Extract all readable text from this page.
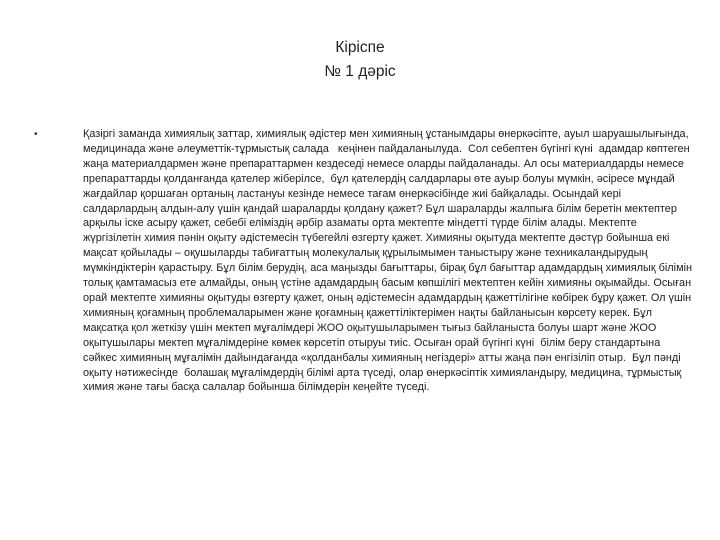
Кіріспе
№ 1 дәріс
•	Қазіргі заманда химиялық заттар, химиялық әдістер мен химияның ұстанымдары өнеркәсіпте, ауыл шаруашылығында, медицинада және әлеуметтік-тұрмыстық салада   кеңінен пайдаланылуда.  Сол себептен бүгінгі күні  адамдар көптеген жаңа материалдармен және препараттармен кездеседі немесе оларды пайдаланады. Ал осы материалдарды немесе препараттарды қолданғанда қателер жіберілсе,  бұл қателердің салдарлары өте ауыр болуы мүмкін, әсіресе мұндай жағдайлар қоршаған ортаның ластануы кезінде немесе тағам өнеркәсібінде жиі байқалады. Осындай кері салдарлардың алдын-алу үшін қандай шараларды қолдану қажет? Бұл шараларды жалпыға білім беретін мектептер арқылы іске асыру қажет, себебі еліміздің әрбір азаматы орта мектепте міндетті түрде білім алады. Мектепте жүргізілетін химия пәнін оқыту әдістемесін түбегейлі өзгерту қажет. Химияны оқытуда мектепте дәстүр бойынша екі мақсат қойылады – оқушыларды табиғаттың молекулалық құрылымымен таныстыру және техникаландырудың мүмкіндіктерін қарастыру. Бұл білім берудің, аса маңызды бағыттары, бірақ бұл бағыттар адамдардың химиялық білімін толық қамтамасыз ете алмайды, оның үстіне адамдардың басым көпшілігі мектептен кейін химияны оқымайды. Осыған орай мектепте химияны оқытуды өзгерту қажет, оның әдістемесін адамдардың қажеттілігіне көбірек бұру қажет. Ол үшін химияның қоғамның проблемаларымен және қоғамның қажеттіліктерімен нақты байланысын көрсету керек. Бұл мақсатқа қол жеткізу үшін мектеп мұғалімдері ЖОО оқытушыларымен тығыз байланыста болуы шарт және ЖОО оқытушылары мектеп мұғалімдеріне көмек көрсетіп отыруы тиіс. Осыған орай бүгінгі күні  білім беру стандартына сәйкес химияның мұғалімін дайындағанда «қолданбалы химияның негіздері» атты жаңа пән енгізіліп отыр.  Бұл пәнді оқыту нәтижесінде  болашақ мұғалімдердің білімі арта түседі, олар өнеркәсіптік химияландыру, медицина, тұрмыстық химия және тағы басқа салалар бойынша білімдерін кеңейте түседі.
